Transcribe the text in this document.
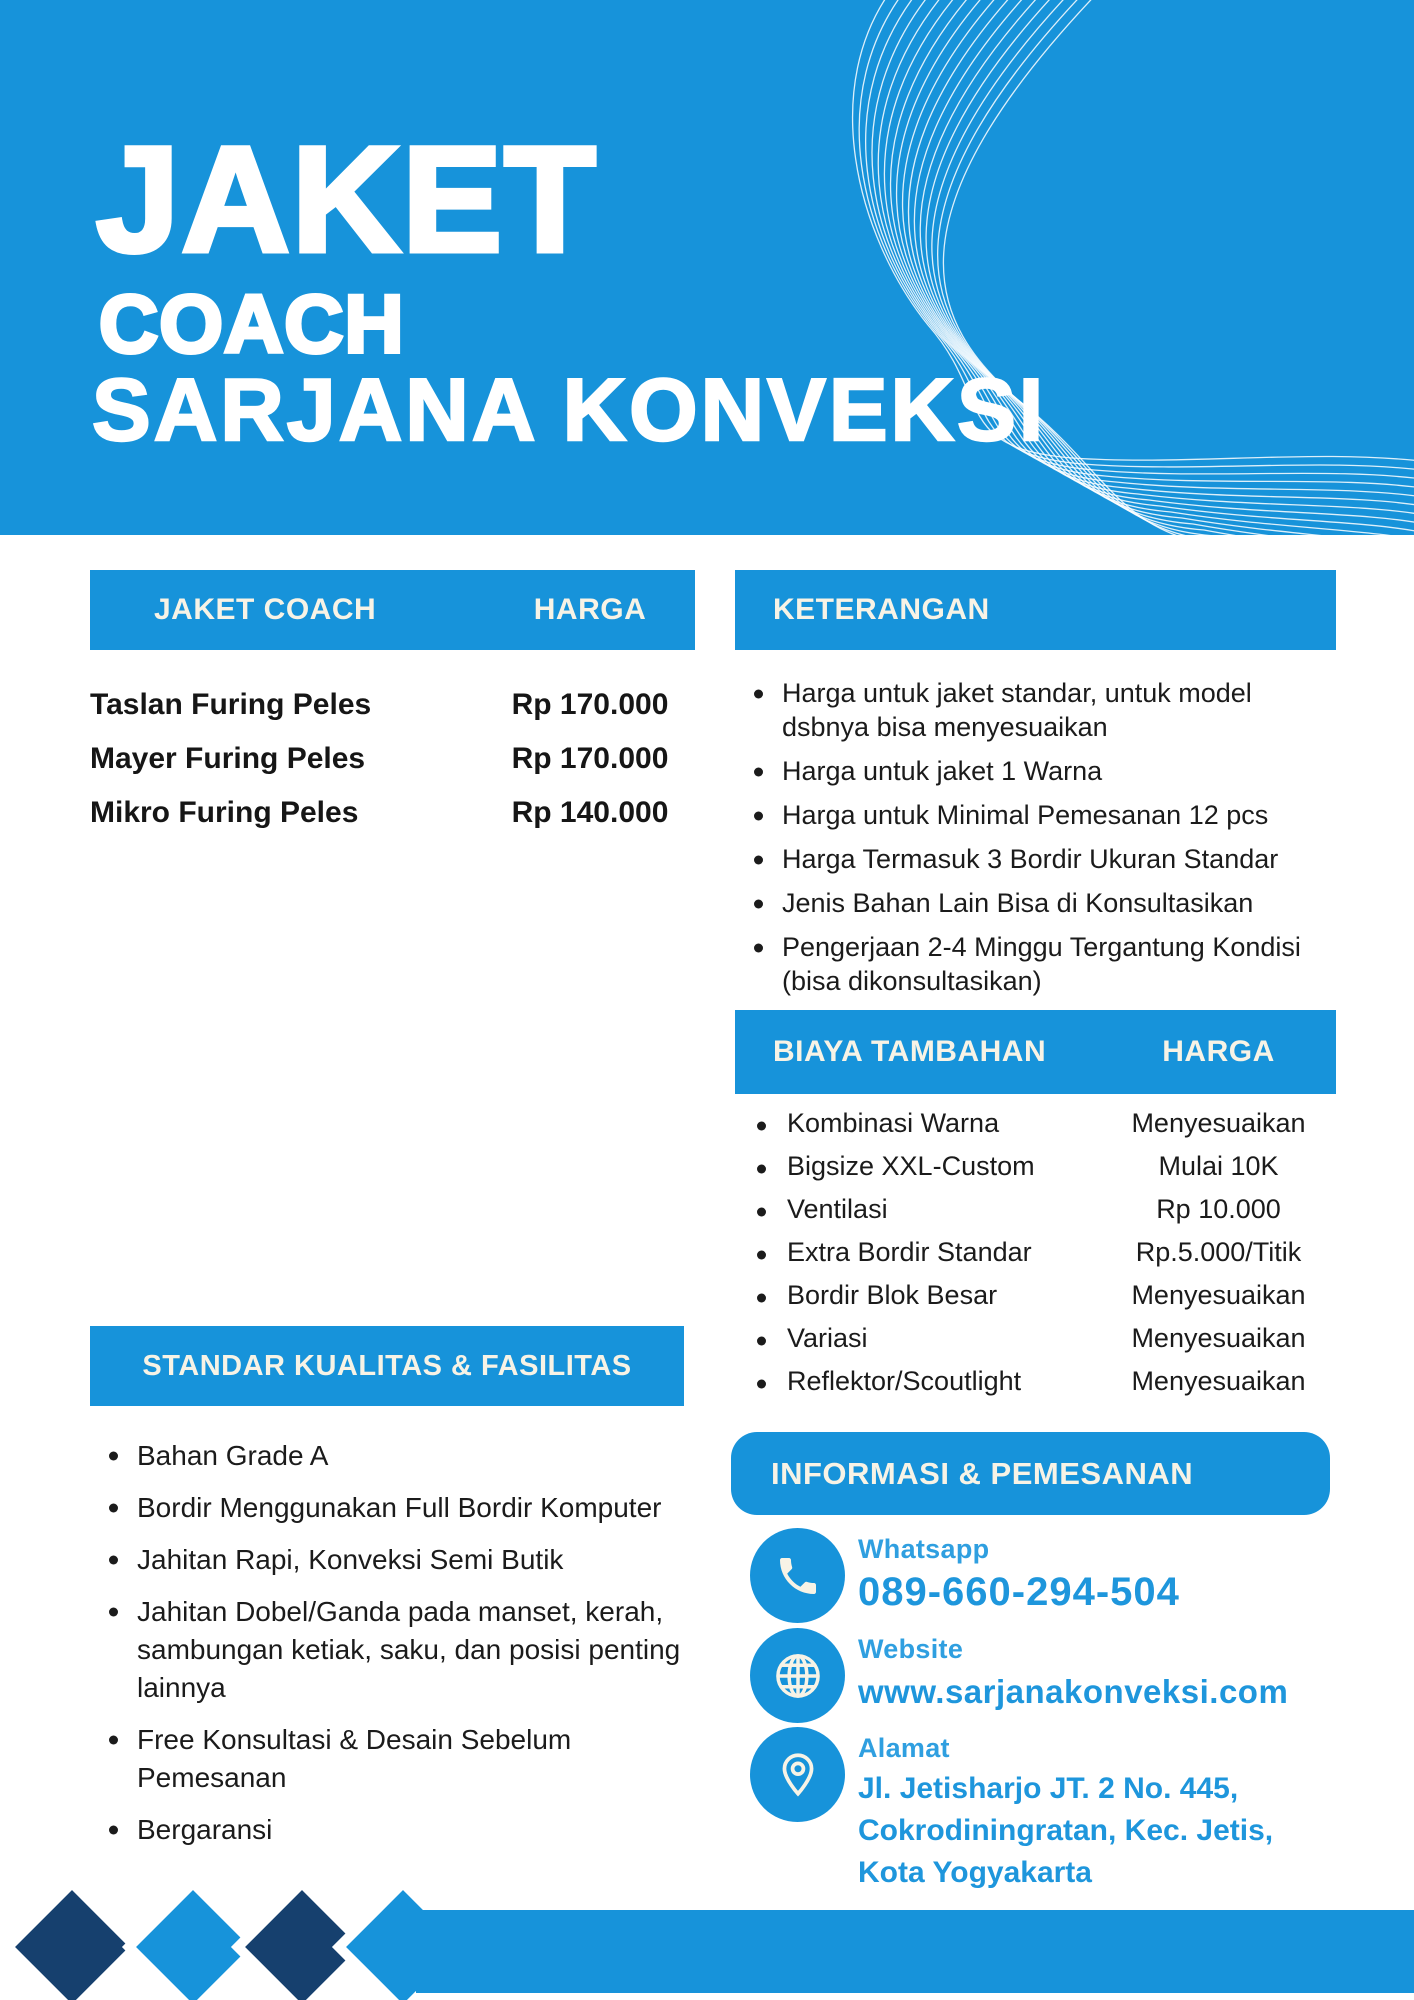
JAKET
COACH
SARJANA KONVEKSI
JAKET COACH	HARGA
Taslan Furing Peles	Rp 170.000
Mayer Furing Peles	Rp 170.000
Mikro Furing Peles	Rp 140.000
KETERANGAN
Harga untuk jaket standar, untuk model dsbnya bisa menyesuaikan
Harga untuk jaket 1 Warna
Harga untuk Minimal Pemesanan 12 pcs
Harga Termasuk 3 Bordir Ukuran Standar
Jenis Bahan Lain Bisa di Konsultasikan
Pengerjaan 2-4 Minggu Tergantung Kondisi (bisa dikonsultasikan)
BIAYA TAMBAHAN	HARGA
Kombinasi Warna	Menyesuaikan
Bigsize XXL-Custom	Mulai 10K
Ventilasi	Rp 10.000
Extra Bordir Standar	Rp.5.000/Titik
Bordir Blok Besar	Menyesuaikan
Variasi	Menyesuaikan
Reflektor/Scoutlight	Menyesuaikan
STANDAR KUALITAS & FASILITAS
Bahan Grade A
Bordir Menggunakan Full Bordir Komputer
Jahitan Rapi, Konveksi Semi Butik
Jahitan Dobel/Ganda pada manset, kerah, sambungan ketiak, saku, dan posisi penting lainnya
Free Konsultasi & Desain Sebelum Pemesanan
Bergaransi
INFORMASI & PEMESANAN
Whatsapp
089-660-294-504
Website
www.sarjanakonveksi.com
Alamat
Jl. Jetisharjo JT. 2 No. 445,
Cokrodiningratan, Kec. Jetis,
Kota Yogyakarta
